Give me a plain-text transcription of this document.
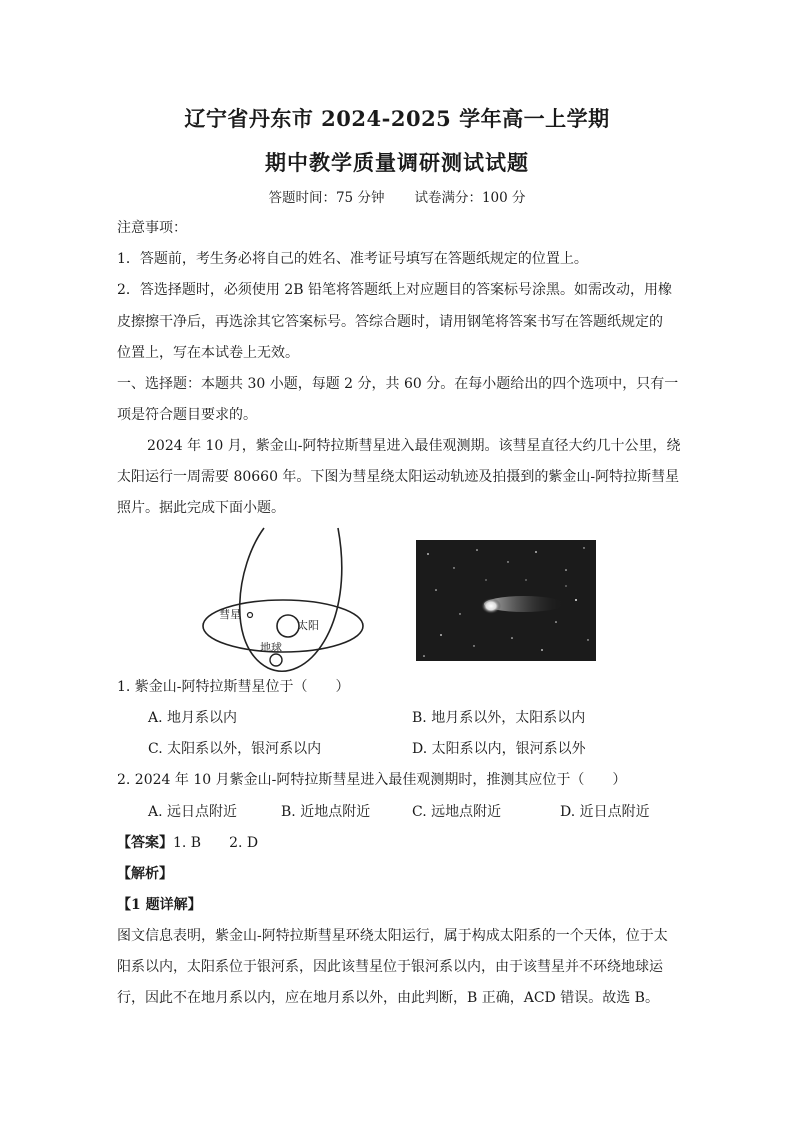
辽宁省丹东市 2024-2025 学年高一上学期
期中教学质量调研测试试题
答题时间：75 分钟 试卷满分：100 分
注意事项：
1．答题前，考生务必将自己的姓名、准考证号填写在答题纸规定的位置上。
2．答选择题时，必须使用 2B 铅笔将答题纸上对应题目的答案标号涂黑。如需改动，用橡
皮擦擦干净后，再选涂其它答案标号。答综合题时，请用钢笔将答案书写在答题纸规定的
位置上，写在本试卷上无效。
一、选择题：本题共 30 小题，每题 2 分，共 60 分。在每小题给出的四个选项中，只有一
项是符合题目要求的。
2024 年 10 月，紫金山-阿特拉斯彗星进入最佳观测期。该彗星直径大约几十公里，绕
太阳运行一周需要 80660 年。下图为彗星绕太阳运动轨迹及拍摄到的紫金山-阿特拉斯彗星
照片。据此完成下面小题。
彗星
太阳
地球
1. 紫金山-阿特拉斯彗星位于（　　）
A. 地月系以内	B. 地月系以外，太阳系以内
C. 太阳系以外，银河系以内	D. 太阳系以内，银河系以外
2. 2024 年 10 月紫金山-阿特拉斯彗星进入最佳观测期时，推测其应位于（　　）
A. 远日点附近	B. 近地点附近	C. 远地点附近	D. 近日点附近
【答案】1. B　　2. D
【解析】
【1 题详解】
图文信息表明，紫金山-阿特拉斯彗星环绕太阳运行，属于构成太阳系的一个天体，位于太
阳系以内，太阳系位于银河系，因此该彗星位于银河系以内，由于该彗星并不环绕地球运
行，因此不在地月系以内，应在地月系以外，由此判断，B 正确，ACD 错误。故选 B。
